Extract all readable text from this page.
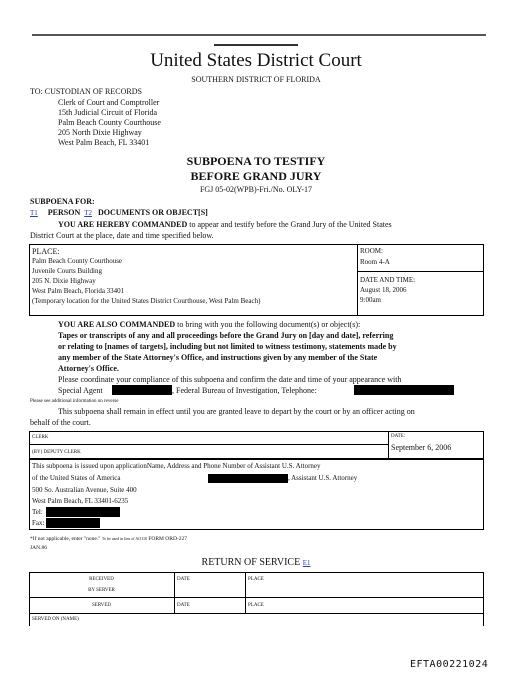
United States District Court
SOUTHERN DISTRICT OF FLORIDA
TO: CUSTODIAN OF RECORDS
Clerk of Court and Comptroller
15th Judicial Circuit of Florida
Palm Beach County Courthouse
205 North Dixie Highway
West Palm Beach, FL 33401
SUBPOENA TO TESTIFY
BEFORE GRAND JURY
FGJ 05-02(WPB)-Fri./No. OLY-17
SUBPOENA FOR:
T1 PERSON T2 DOCUMENTS OR OBJECT[S]
YOU ARE HEREBY COMMANDED to appear and testify before the Grand Jury of the United States
District Court at the place, date and time specified below.
PLACE:
Palm Beach County Courthouse
Juvenile Courts Building
205 N. Dixie Highway
West Palm Beach, Florida 33401
(Temporary location for the United States District Courthouse, West Palm Beach)
ROOM:
Room 4-A
DATE AND TIME:
August 18, 2006
9:00am
YOU ARE ALSO COMMANDED to bring with you the following document(s) or object(s):
Tapes or transcripts of any and all proceedings before the Grand Jury on [day and date], referring
or relating to [names of targets], including but not limited to witness testimony, statements made by
any member of the State Attorney's Office, and instructions given by any member of the State
Attorney's Office.
Please coordinate your compliance of this subpoena and confirm the date and time of your appearance with
Special Agent	, Federal Bureau of Investigation, Telephone:
Please see additional information on reverse
This subpoena shall remain in effect until you are granted leave to depart by the court or by an officer acting on
behalf of the court.
CLERK
(BY) DEPUTY CLERK
DATE:
September 6, 2006
This subpoena is issued upon applicationName, Address and Phone Number of Assistant U.S. Attorney
of the United States of America	, Assistant U.S. Attorney
500 So. Australian Avenue, Suite 400
West Palm Beach, FL 33401-6235
Tel:
Fax:
*If not applicable, enter "none." To be used in lieu of AO110 FORM ORD-227
JAN.86
RETURN OF SERVICE $^{E1}$
RECEIVED
BY SERVER
DATE	PLACE
SERVED	DATE	PLACE
SERVED ON (NAME)
EFTA00221024
